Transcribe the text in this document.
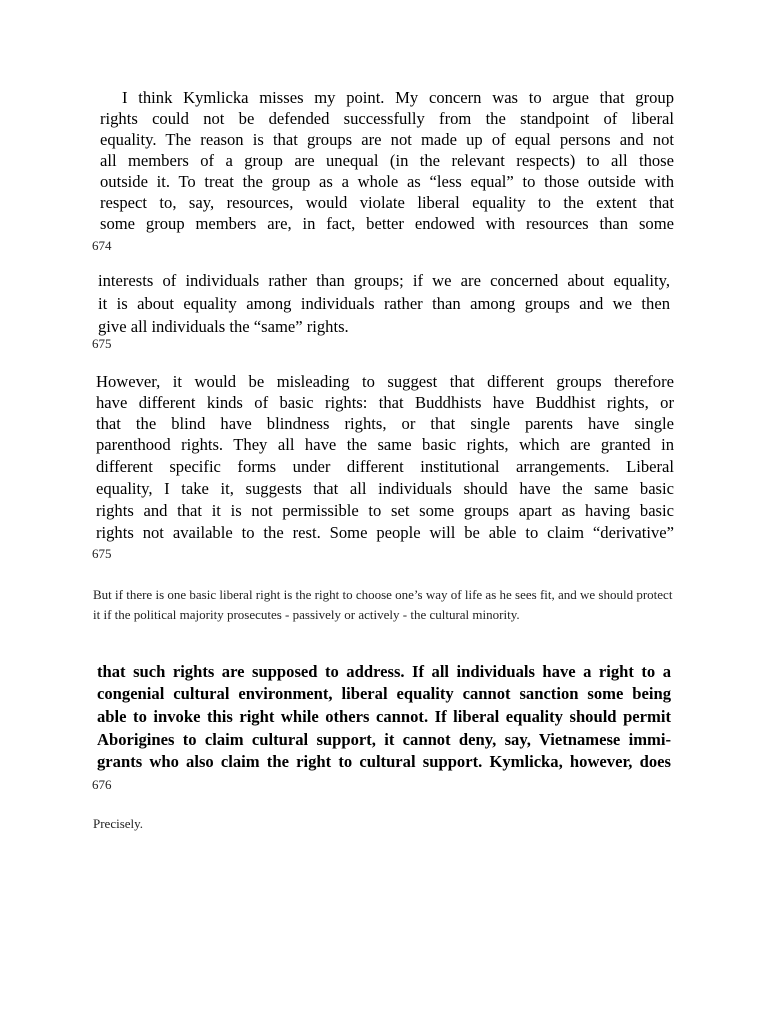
I think Kymlicka misses my point. My concern was to argue that group
rights could not be defended successfully from the standpoint of liberal
equality. The reason is that groups are not made up of equal persons and not
all members of a group are unequal (in the relevant respects) to all those
outside it. To treat the group as a whole as “less equal” to those outside with
respect to, say, resources, would violate liberal equality to the extent that
some group members are, in fact, better endowed with resources than some
674
interests of individuals rather than groups; if we are concerned about equality,
it is about equality among individuals rather than among groups and we then
give all individuals the “same” rights.
675
However, it would be misleading to suggest that different groups therefore
have different kinds of basic rights: that Buddhists have Buddhist rights, or
that the blind have blindness rights, or that single parents have single
parenthood rights. They all have the same basic rights, which are granted in
different specific forms under different institutional arrangements. Liberal
equality, I take it, suggests that all individuals should have the same basic
rights and that it is not permissible to set some groups apart as having basic
rights not available to the rest. Some people will be able to claim “derivative”
675
But if there is one basic liberal right is the right to choose one’s way of life as he sees fit, and we should protect it if the political majority prosecutes - passively or actively - the cultural minority.
that such rights are supposed to address. If all individuals have a right to a
congenial cultural environment, liberal equality cannot sanction some being
able to invoke this right while others cannot. If liberal equality should permit
Aborigines to claim cultural support, it cannot deny, say, Vietnamese immi-
grants who also claim the right to cultural support. Kymlicka, however, does
676
Precisely.
